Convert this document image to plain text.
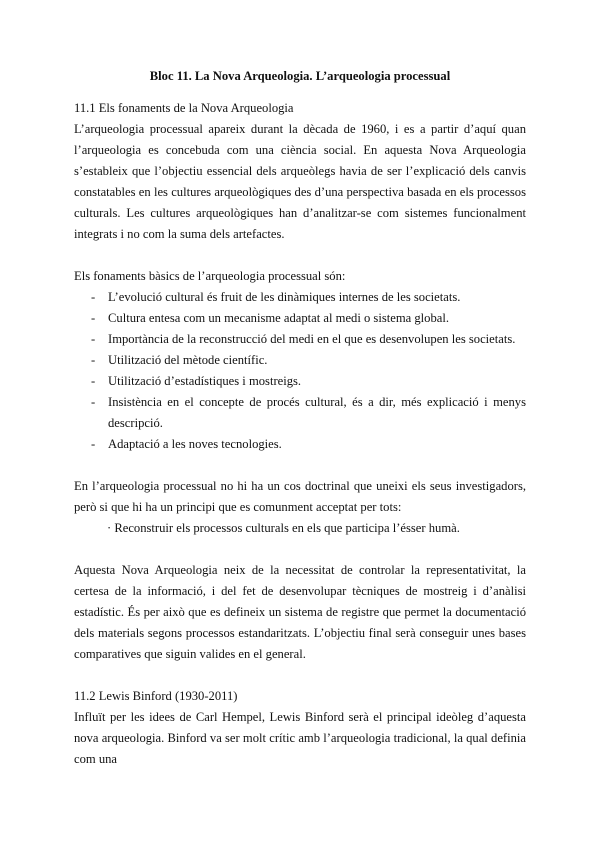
Bloc 11. La Nova Arqueologia. L’arqueologia processual

11.1 Els fonaments de la Nova Arqueologia

L’arqueologia processual apareix durant la dècada de 1960, i es a partir d’aquí quan l’arqueologia es concebuda com una ciència social. En aquesta Nova Arqueologia s’estableix que l’objectiu essencial dels arqueòlegs havia de ser l’explicació dels canvis constatables en les cultures arqueològiques des d’una perspectiva basada en els processos culturals. Les cultures arqueològiques han d’analitzar-se com sistemes funcionalment integrats i no com la suma dels artefactes.

Els fonaments bàsics de l’arqueologia processual són:

- L’evolució cultural és fruit de les dinàmiques internes de les societats.
- Cultura entesa com un mecanisme adaptat al medi o sistema global.
- Importància de la reconstrucció del medi en el que es desenvolupen les societats.
- Utilització del mètode científic.
- Utilització d’estadístiques i mostreigs.
- Insistència en el concepte de procés cultural, és a dir, més explicació i menys descripció.
- Adaptació a les noves tecnologies.

En l’arqueologia processual no hi ha un cos doctrinal que uneixi els seus investigadors, però si que hi ha un principi que es comunment acceptat per tots:

· Reconstruir els processos culturals en els que participa l’ésser humà.

Aquesta Nova Arqueologia neix de la necessitat de controlar la representativitat, la certesa de la informació, i del fet de desenvolupar tècniques de mostreig i d’anàlisi estadístic. És per això que es defineix un sistema de registre que permet la documentació dels materials segons processos estandaritzats. L’objectiu final serà conseguir unes bases comparatives que siguin valides en el general.

11.2 Lewis Binford (1930-2011)

Influït per les idees de Carl Hempel, Lewis Binford serà el principal ideòleg d’aquesta nova arqueologia. Binford va ser molt crític amb l’arqueologia tradicional, la qual definia com una
